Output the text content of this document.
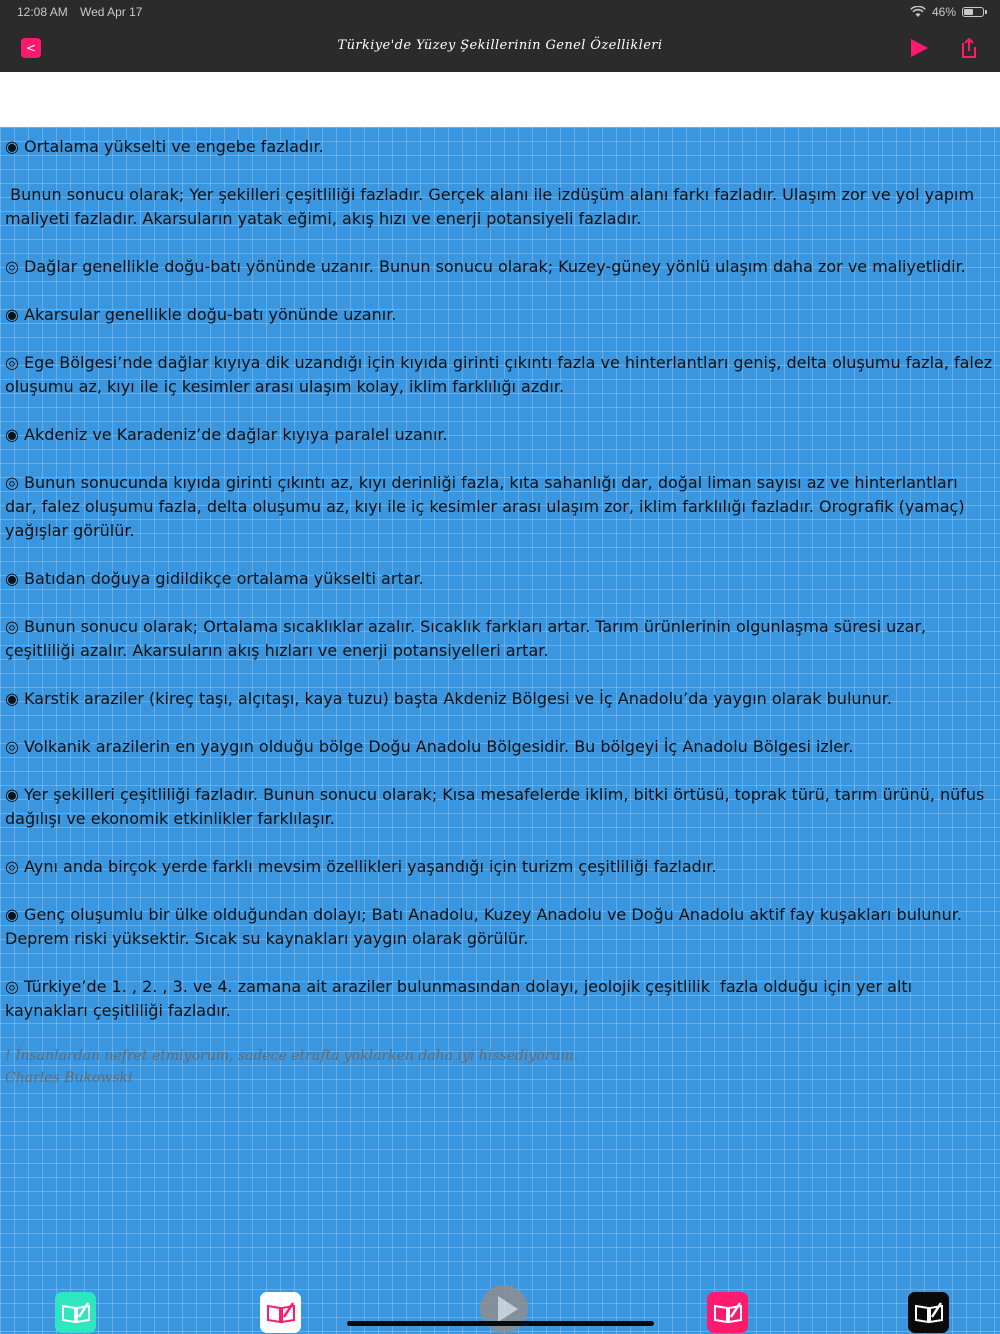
12:08 AM Wed Apr 17	46%
<	Türkiye'de Yüzey Şekillerinin Genel Özellikleri

◉ Ortalama yükselti ve engebe fazladır.

Bunun sonucu olarak; Yer şekilleri çeşitliliği fazladır. Gerçek alanı ile izdüşüm alanı farkı fazladır. Ulaşım zor ve yol yapım maliyeti fazladır. Akarsuların yatak eğimi, akış hızı ve enerji potansiyeli fazladır.

◎ Dağlar genellikle doğu-batı yönünde uzanır. Bunun sonucu olarak; Kuzey-güney yönlü ulaşım daha zor ve maliyetlidir.

◉ Akarsular genellikle doğu-batı yönünde uzanır.

◎ Ege Bölgesi’nde dağlar kıyıya dik uzandığı için kıyıda girinti çıkıntı fazla ve hinterlantları geniş, delta oluşumu fazla, falez oluşumu az, kıyı ile iç kesimler arası ulaşım kolay, iklim farklılığı azdır.

◉ Akdeniz ve Karadeniz’de dağlar kıyıya paralel uzanır.

◎ Bunun sonucunda kıyıda girinti çıkıntı az, kıyı derinliği fazla, kıta sahanlığı dar, doğal liman sayısı az ve hinterlantları dar, falez oluşumu fazla, delta oluşumu az, kıyı ile iç kesimler arası ulaşım zor, iklim farklılığı fazladır. Orografik (yamaç) yağışlar görülür.

◉ Batıdan doğuya gidildikçe ortalama yükselti artar.

◎ Bunun sonucu olarak; Ortalama sıcaklıklar azalır. Sıcaklık farkları artar. Tarım ürünlerinin olgunlaşma süresi uzar, çeşitliliği azalır. Akarsuların akış hızları ve enerji potansiyelleri artar.

◉ Karstik araziler (kireç taşı, alçıtaşı, kaya tuzu) başta Akdeniz Bölgesi ve İç Anadolu’da yaygın olarak bulunur.

◎ Volkanik arazilerin en yaygın olduğu bölge Doğu Anadolu Bölgesidir. Bu bölgeyi İç Anadolu Bölgesi izler.

◉ Yer şekilleri çeşitliliği fazladır. Bunun sonucu olarak; Kısa mesafelerde iklim, bitki örtüsü, toprak türü, tarım ürünü, nüfus dağılışı ve ekonomik etkinlikler farklılaşır.

◎ Aynı anda birçok yerde farklı mevsim özellikleri yaşandığı için turizm çeşitliliği fazladır.

◉ Genç oluşumlu bir ülke olduğundan dolayı; Batı Anadolu, Kuzey Anadolu ve Doğu Anadolu aktif fay kuşakları bulunur. Deprem riski yüksektir. Sıcak su kaynakları yaygın olarak görülür.

◎ Türkiye’de 1. , 2. , 3. ve 4. zamana ait araziler bulunmasından dolayı, jeolojik çeşitlilik  fazla olduğu için yer altı kaynakları çeşitliliği fazladır.

! İnsanlardan nefret etmiyorum, sadece etrafta yoklarken daha iyi hissediyorum.
Charles Bukowski
